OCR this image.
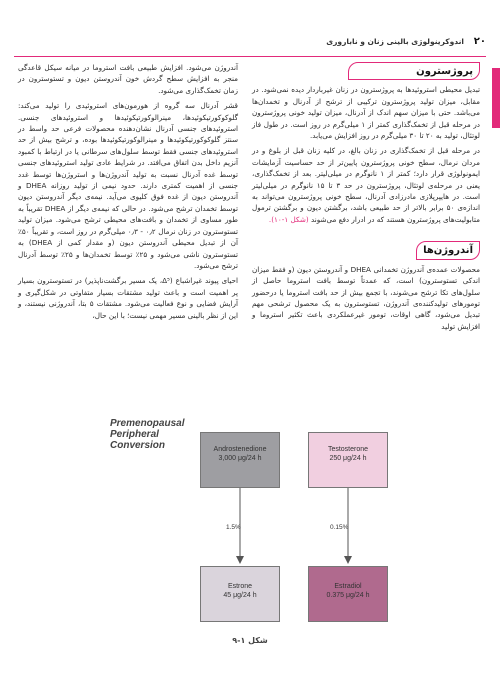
۲۰
اندوکرینولوژی بالینی زنان و نابارو‌ری
پروژسترون

تبدیل محیطی استروئیدها به پروژسترون در زنان غیرباردار دیده نمی‌شود. در مقابل، میزان تولید پروژسترون ترکیبی از ترشح از آدرنال و تخمدان‌ها می‌باشد. حتی با میزان سهم اندک از آدرنال، میزان تولید خونی پروژسترون در مرحله قبل از تخمک‌گذاری کمتر از ۱ میلی‌گرم در روز است. در طول فاز لوتئال، تولید به ۲۰ تا ۳۰ میلی‌گرم در روز افزایش می‌یابد.

در مرحله قبل از تخمک‌گذاری در زنان بالغ، در کلیه زنان قبل از بلوغ و در مردان نرمال، سطح خونی پروژسترون پایین‌تر از حد حساسیت آزمایشات ایمونولوژی قرار دارد؛ کمتر از ۱ نانوگرم در میلی‌لیتر. بعد از تخمک‌گذاری، یعنی در مرحله‌ی لوتئال، پروژسترون در حد ۳ تا ۱۵ نانوگرم در میلی‌لیتر است. در هایپرپلازی مادرزادی آدرنال، سطح خونی پروژسترون می‌تواند به اندازه‌ی ۵۰ برابر بالاتر از حد طبیعی باشد، برگشتن دیون و برگشتن ترمول متابولیت‌های پروژسترون هستند که در ادرار دفع می‌شوند (شکل ۱-۱۰).

آندروژن‌ها

محصولات عمده‌ی آندروژن تخمدانی DHEA و آندروستن دیون (و فقط میزان اندکی تستوسترون) است، که عمدتاً توسط بافت استروما حاصل از سلول‌های تکا ترشح می‌شوند، با تجمع بیش از حد بافت استروما یا درحضور تومورهای تولیدکننده‌ی آندروژن، تستوسترون به یک محصول ترشحی مهم تبدیل می‌شود، گاهی اوقات، تومور غیرعملکردی باعث تکثیر استروما و افزایش تولید

آندروژن می‌شود. افزایش طبیعی بافت استروما در میانه سیکل قاعدگی منجر به افزایش سطح گردش خون آندروستن دیون و تستوسترون در زمان تخمک‌گذاری می‌شود.

قشر آدرنال سه گروه از هورمون‌های استروئیدی را تولید می‌کند: گلوکوکورتیکوئیدها، مینرالوکورتیکوئیدها و استروئیدهای جنسی. استروئیدهای جنسی آدرنال نشان‌دهنده محصولات فرعی حد واسط در سنتز گلوکوکورتیکوئیدها و مینرالوکورتیکوئیدها بوده، و ترشح بیش از حد استروئیدهای جنسی فقط توسط سلول‌های سرطانی یا در ارتباط با کمبود آنزیم داخل بدن اتفاق می‌افتد. در شرایط عادی تولید استروئیدهای جنسی توسط غده آدرنال نسبت به تولید آندروژن‌ها و استروژن‌ها توسط غدد جنسی از اهمیت کمتری دارند. حدود نیمی از تولید روزانه DHEA و آندروستن دیون از غده فوق کلیوی می‌آید. نیمه‌ی دیگر آندروستن دیون توسط تخمدان ترشح می‌شود. در حالی که نیمه‌ی دیگر از DHEA تقریباً به طور مساوی از تخمدان و بافت‌های محیطی ترشح می‌شود. میزان تولید تستوسترون در زنان نرمال ۰٫۲ - ۰٫۳ میلی‌گرم در روز است، و تقریباً ۵۰٪ آن از تبدیل محیطی آندروستن دیون (و مقدار کمی از DHEA) به تستوسترون ناشی می‌شود و ۲۵٪ توسط تخمدان‌ها و ۲۵٪ توسط آدرنال ترشح می‌شود.

احیای پیوند غیراشباع (Δ⁵، یک مسیر برگشت‌ناپذیر) در تستوسترون بسیار پر اهمیت است و باعث تولید مشتقات بسیار متفاوتی در شکل‌گیری و آرایش فضایی و نوع فعالیت می‌شود. مشتقات ۵ بتا، آندروژنی نیستند، و این از نظر بالینی مسیر مهمی نیست؛ با این حال،

Premenopausal
Peripheral
Conversion	Androstenedione
3,000 μg/24 h
Testosterone
250 μg/24 h
1.5%	0.15%
Estrone
45 μg/24 h
Estradiol
0.375 μg/24 h
شکل ۱-۹
